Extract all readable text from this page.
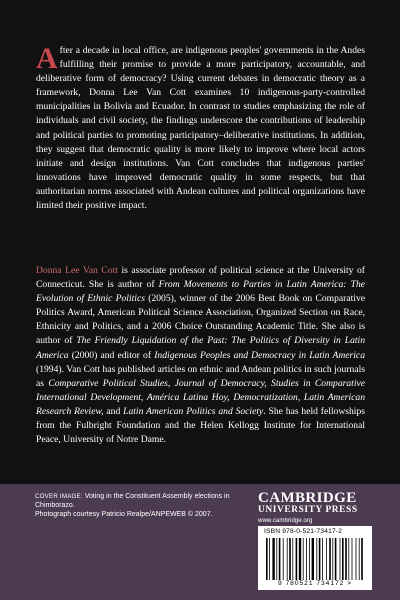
After a decade in local office, are indigenous peoples' governments in the Andes fulfilling their promise to provide a more participatory, accountable, and deliberative form of democracy? Using current debates in democratic theory as a framework, Donna Lee Van Cott examines 10 indigenous-party-controlled municipalities in Bolivia and Ecuador. In contrast to studies emphasizing the role of individuals and civil society, the findings underscore the contributions of leadership and political parties to promoting participatory–deliberative institutions. In addition, they suggest that democratic quality is more likely to improve where local actors initiate and design institutions. Van Cott concludes that indigenous parties' innovations have improved democratic quality in some respects, but that authoritarian norms associated with Andean cultures and political organizations have limited their positive impact.
Donna Lee Van Cott is associate professor of political science at the University of Connecticut. She is author of From Movements to Parties in Latin America: The Evolution of Ethnic Politics (2005), winner of the 2006 Best Book on Comparative Politics Award, American Political Science Association, Organized Section on Race, Ethnicity and Politics, and a 2006 Choice Outstanding Academic Title. She also is author of The Friendly Liquidation of the Past: The Politics of Diversity in Latin America (2000) and editor of Indigenous Peoples and Democracy in Latin America (1994). Van Cott has published articles on ethnic and Andean politics in such journals as Comparative Political Studies, Journal of Democracy, Studies in Comparative International Development, América Latina Hoy, Democratization, Latin American Research Review, and Latin American Politics and Society. She has held fellowships from the Fulbright Foundation and the Helen Kellogg Institute for International Peace, University of Notre Dame.
COVER IMAGE: Voting in the Constituent Assembly elections in Chimborazo.
Photograph courtesy Patricio Realpe/ANPEWEB © 2007.
CAMBRIDGE
UNIVERSITY PRESS
www.cambridge.org
ISBN 978-0-521-73417-2
9 780521 734172 >
